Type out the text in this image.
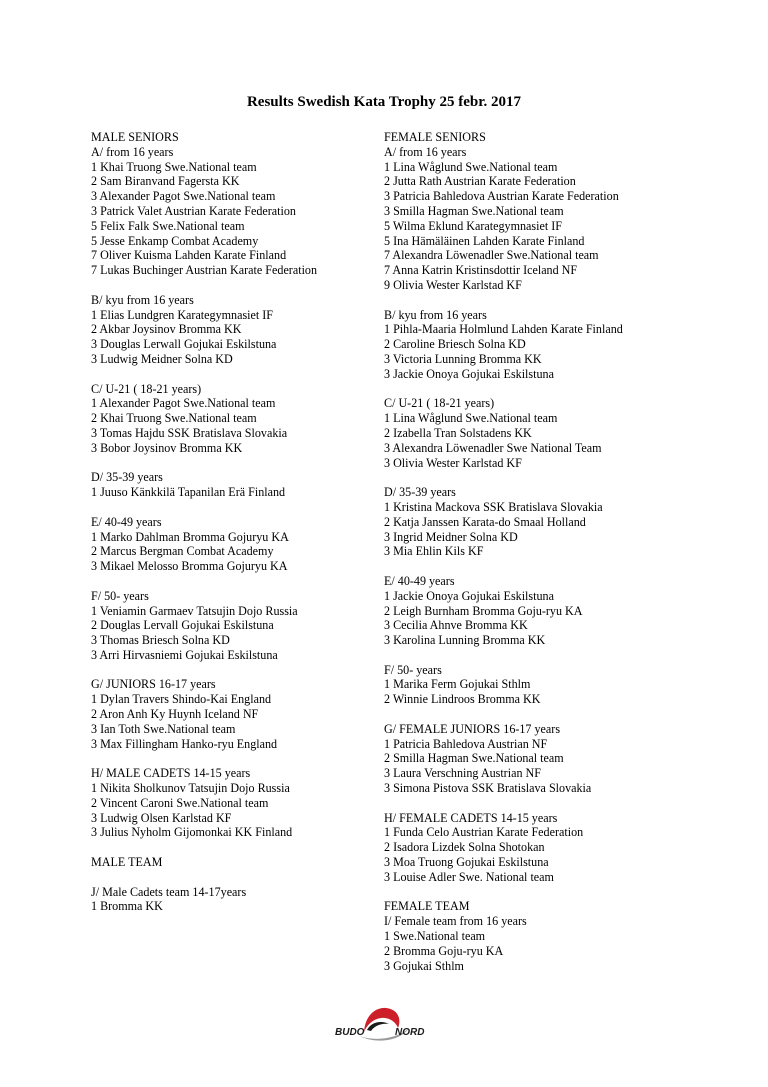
Results Swedish Kata Trophy 25 febr. 2017
MALE SENIORS
A/ from 16 years
1 Khai Truong Swe.National team
2 Sam Biranvand Fagersta KK
3 Alexander Pagot Swe.National team
3 Patrick Valet Austrian Karate Federation
5 Felix Falk Swe.National team
5 Jesse Enkamp Combat Academy
7 Oliver Kuisma Lahden Karate Finland
7 Lukas Buchinger Austrian Karate Federation
B/ kyu from 16 years
1 Elias Lundgren Karategymnasiet IF
2 Akbar Joysinov Bromma KK
3 Douglas Lerwall Gojukai Eskilstuna
3 Ludwig Meidner Solna KD
C/ U-21 ( 18-21 years)
1 Alexander Pagot Swe.National team
2 Khai Truong Swe.National team
3 Tomas Hajdu SSK Bratislava Slovakia
3 Bobor Joysinov Bromma KK
D/ 35-39 years
1 Juuso Känkkilä Tapanilan Erä Finland
E/ 40-49 years
1 Marko Dahlman Bromma Gojuryu KA
2 Marcus Bergman Combat Academy
3 Mikael Melosso Bromma Gojuryu KA
F/ 50- years
1 Veniamin Garmaev Tatsujin Dojo Russia
2 Douglas Lervall Gojukai Eskilstuna
3 Thomas Briesch Solna KD
3 Arri Hirvasniemi Gojukai Eskilstuna
G/ JUNIORS 16-17 years
1 Dylan Travers Shindo-Kai England
2 Aron Anh Ky Huynh Iceland NF
3 Ian Toth Swe.National team
3 Max Fillingham Hanko-ryu England
H/ MALE CADETS 14-15 years
1 Nikita Sholkunov Tatsujin Dojo Russia
2 Vincent Caroni Swe.National team
3 Ludwig Olsen Karlstad KF
3 Julius Nyholm Gijomonkai KK Finland
MALE TEAM
J/ Male Cadets team 14-17years
1 Bromma KK
FEMALE SENIORS
A/ from 16 years
1 Lina Wåglund Swe.National team
2 Jutta Rath Austrian Karate Federation
3 Patricia Bahledova Austrian Karate Federation
3 Smilla Hagman Swe.National team
5 Wilma Eklund Karategymnasiet IF
5 Ina Hämäläinen Lahden Karate Finland
7 Alexandra Löwenadler Swe.National team
7 Anna Katrin Kristinsdottir Iceland NF
9 Olivia Wester Karlstad KF
B/ kyu from 16 years
1 Pihla-Maaria Holmlund Lahden Karate Finland
2 Caroline Briesch Solna KD
3 Victoria Lunning Bromma KK
3 Jackie Onoya Gojukai Eskilstuna
C/ U-21 ( 18-21 years)
1 Lina Wåglund Swe.National team
2 Izabella Tran Solstadens KK
3 Alexandra Löwenadler Swe National Team
3 Olivia Wester Karlstad KF
D/ 35-39 years
1 Kristina Mackova SSK Bratislava Slovakia
2 Katja Janssen Karata-do Smaal Holland
3 Ingrid Meidner Solna KD
3 Mia Ehlin Kils KF
E/ 40-49 years
1 Jackie Onoya Gojukai Eskilstuna
2 Leigh Burnham Bromma Goju-ryu KA
3 Cecilia Ahnve Bromma KK
3 Karolina Lunning Bromma KK
F/ 50- years
1 Marika Ferm Gojukai Sthlm
2 Winnie Lindroos Bromma KK
G/ FEMALE JUNIORS 16-17 years
1 Patricia Bahledova Austrian NF
2 Smilla Hagman Swe.National team
3 Laura Verschning Austrian NF
3 Simona Pistova SSK Bratislava Slovakia
H/ FEMALE CADETS 14-15 years
1 Funda Celo Austrian Karate Federation
2 Isadora Lizdek Solna Shotokan
3 Moa Truong Gojukai Eskilstuna
3 Louise Adler Swe. National team
FEMALE TEAM
I/ Female team from 16 years
1 Swe.National team
2 Bromma Goju-ryu KA
3 Gojukai Sthlm
BUDO	NORD
